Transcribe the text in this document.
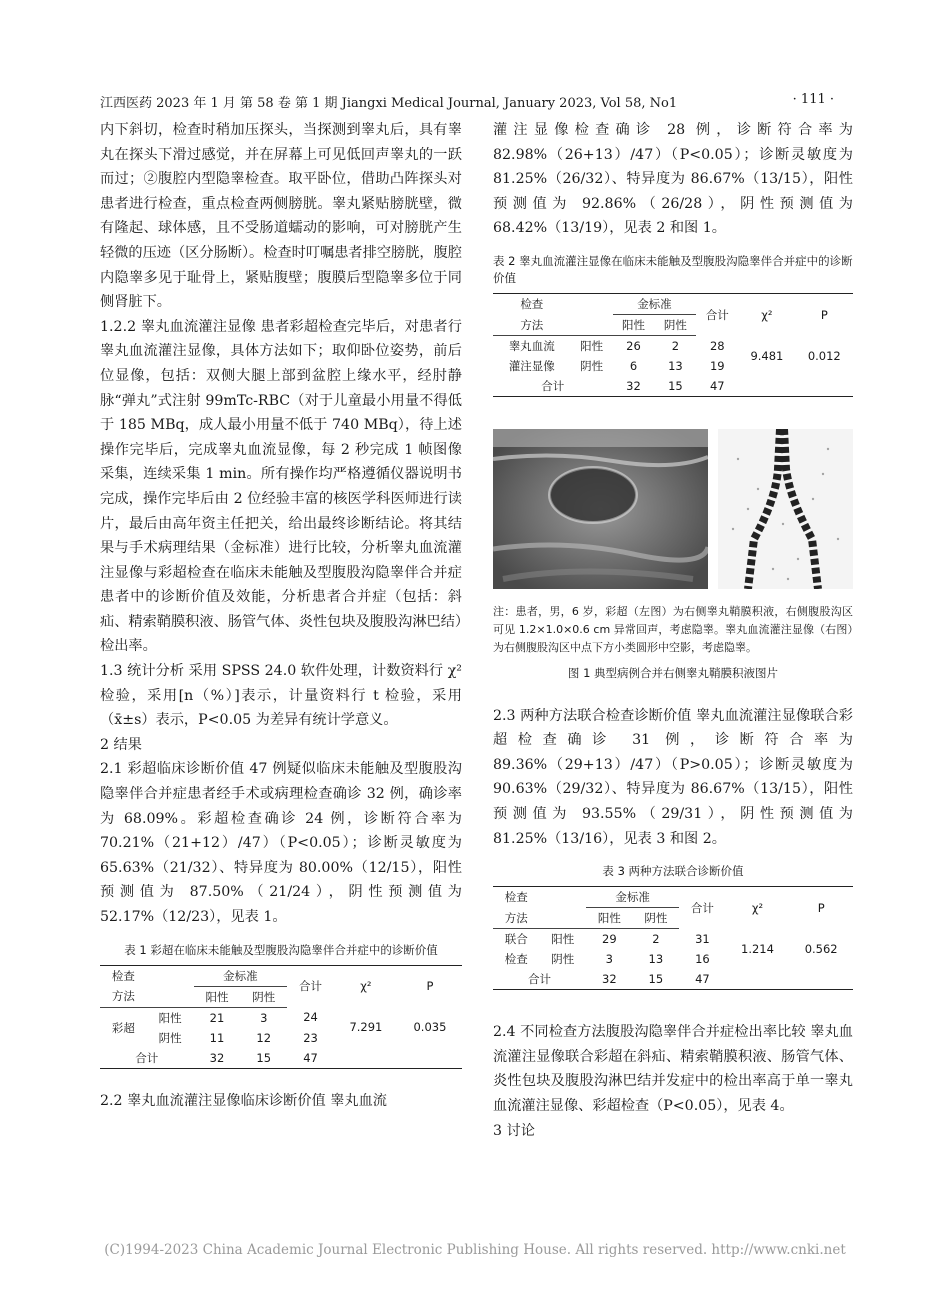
江西医药 2023 年 1 月 第 58 卷 第 1 期 Jiangxi Medical Journal, January 2023, Vol 58, No1	· 111 ·

内下斜切，检查时稍加压探头，当探测到睾丸后，具有睾丸在探头下滑过感觉，并在屏幕上可见低回声睾丸的一跃而过；②腹腔内型隐睾检查。取平卧位，借助凸阵探头对患者进行检查，重点检查两侧膀胱。睾丸紧贴膀胱壁，微有隆起、球体感，且不受肠道蠕动的影响，可对膀胱产生轻微的压迹（区分肠断）。检查时叮嘱患者排空膀胱，腹腔内隐睾多见于耻骨上，紧贴腹壁；腹膜后型隐睾多位于同侧肾脏下。

1.2.2 睾丸血流灌注显像 患者彩超检查完毕后，对患者行睾丸血流灌注显像，具体方法如下；取仰卧位姿势，前后位显像，包括：双侧大腿上部到盆腔上缘水平，经肘静脉“弹丸”式注射 99mTc-RBC（对于儿童最小用量不得低于 185 MBq，成人最小用量不低于 740 MBq），待上述操作完毕后，完成睾丸血流显像，每 2 秒完成 1 帧图像采集，连续采集 1 min。所有操作均严格遵循仪器说明书完成，操作完毕后由 2 位经验丰富的核医学科医师进行读片，最后由高年资主任把关，给出最终诊断结论。将其结果与手术病理结果（金标准）进行比较，分析睾丸血流灌注显像与彩超检查在临床未能触及型腹股沟隐睾伴合并症患者中的诊断价值及效能，分析患者合并症（包括：斜疝、精索鞘膜积液、肠管气体、炎性包块及腹股沟淋巴结）检出率。

1.3 统计分析 采用 SPSS 24.0 软件处理，计数资料行 χ² 检验，采用[n（%）]表示，计量资料行 t 检验，采用（x̄±s）表示，P<0.05 为差异有统计学意义。

2 结果

2.1 彩超临床诊断价值 47 例疑似临床未能触及型腹股沟隐睾伴合并症患者经手术或病理检查确诊 32 例，确诊率为 68.09%。彩超检查确诊 24 例，诊断符合率为 70.21%（21+12）/47）（P<0.05）；诊断灵敏度为 65.63%（21/32）、特异度为 80.00%（12/15），阳性预测值为 87.50%（21/24），阴性预测值为 52.17%（12/23），见表 1。

表 1 彩超在临床未能触及型腹股沟隐睾伴合并症中的诊断价值
检查		金标准		合计	χ²	P
方法		阳性	阴性			
彩超	阳性	21	3	24	7.291	0.035
	阴性	11	12	23		
合计		32	15	47		

2.2 睾丸血流灌注显像临床诊断价值 睾丸血流

灌注显像检查确诊 28 例，诊断符合率为 82.98%（26+13）/47）（P<0.05）；诊断灵敏度为 81.25%（26/32）、特异度为 86.67%（13/15），阳性预测值为 92.86%（26/28），阴性预测值为 68.42%（13/19），见表 2 和图 1。

表 2 睾丸血流灌注显像在临床未能触及型腹股沟隐睾伴合并症中的诊断价值
检查		金标准		合计	χ²	P
方法		阳性	阴性			
睾丸血流	阳性	26	2	28	9.481	0.012
灌注显像	阴性	6	13	19		
合计		32	15	47		
注：患者，男，6 岁，彩超（左图）为右侧睾丸鞘膜积液，右侧腹股沟区可见 1.2×1.0×0.6 cm 异常回声，考虑隐睾。睾丸血流灌注显像（右图）为右侧腹股沟区中点下方小类圆形中空影，考虑隐睾。
图 1 典型病例合并右侧睾丸鞘膜积液图片

2.3 两种方法联合检查诊断价值 睾丸血流灌注显像联合彩超检查确诊 31 例，诊断符合率为 89.36%（29+13）/47）（P>0.05）；诊断灵敏度为 90.63%（29/32）、特异度为 86.67%（13/15），阳性预测值为 93.55%（29/31），阴性预测值为 81.25%（13/16），见表 3 和图 2。

表 3 两种方法联合诊断价值
检查		金标准		合计	χ²	P
方法		阳性	阴性			
联合	阳性	29	2	31	1.214	0.562
检查	阴性	3	13	16		
合计		32	15	47		

2.4 不同检查方法腹股沟隐睾伴合并症检出率比较 睾丸血流灌注显像联合彩超在斜疝、精索鞘膜积液、肠管气体、炎性包块及腹股沟淋巴结并发症中的检出率高于单一睾丸血流灌注显像、彩超检查（P<0.05），见表 4。

3 讨论

(C)1994-2023 China Academic Journal Electronic Publishing House. All rights reserved. http://www.cnki.net
